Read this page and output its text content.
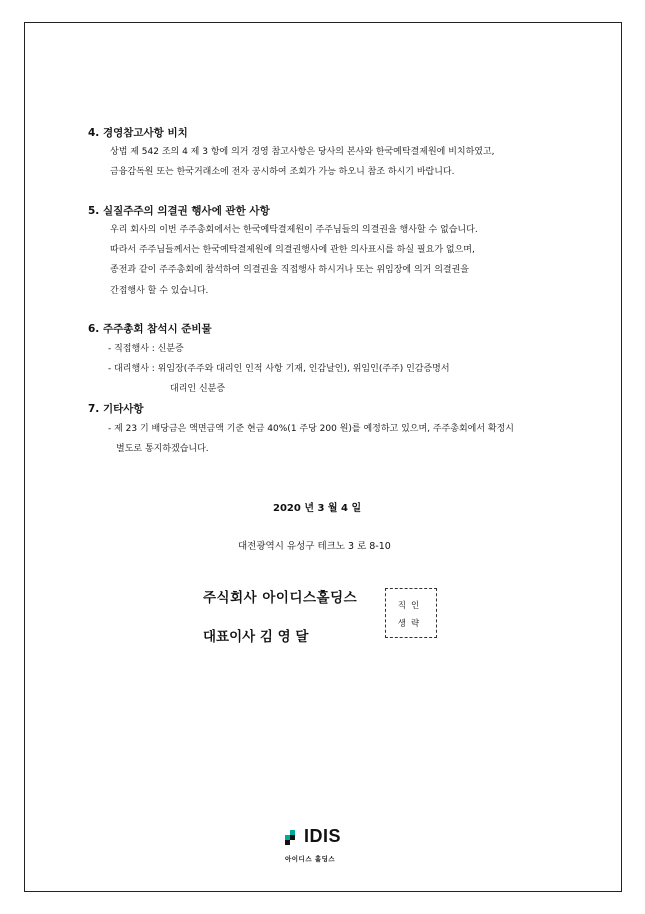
4. 경영참고사항 비치
상법 제 542 조의 4 제 3 항에 의거 경영 참고사항은 당사의 본사와 한국예탁결제원에 비치하였고,
금융감독원 또는 한국거래소에 전자 공시하여 조회가 가능 하오니 참조 하시기 바랍니다.
5. 실질주주의 의결권 행사에 관한 사항
우리 회사의 이번 주주총회에서는 한국예탁결제원이 주주님들의 의결권을 행사할 수 없습니다.
따라서 주주님들께서는 한국예탁결제원에 의결권행사에 관한 의사표시를 하실 필요가 없으며,
종전과 같이 주주총회에 참석하여 의결권을 직접행사 하시거나 또는 위임장에 의거 의결권을
간접행사 할 수 있습니다.
6. 주주총회 참석시 준비물
- 직접행사 : 신분증
- 대리행사 : 위임장(주주와 대리인 인적 사항 기재, 인감날인), 위임인(주주) 인감증명서
대리인 신분증
7. 기타사항
- 제 23 기 배당금은 액면금액 기준 현금 40%(1 주당 200 원)를 예정하고 있으며, 주주총회에서 확정시
별도로 통지하겠습니다.
2020 년 3 월 4 일
대전광역시 유성구 테크노 3 로 8-10
주식회사 아이디스홀딩스
대표이사 김 영 달
직인
생략
IDIS
아이디스 홀딩스
